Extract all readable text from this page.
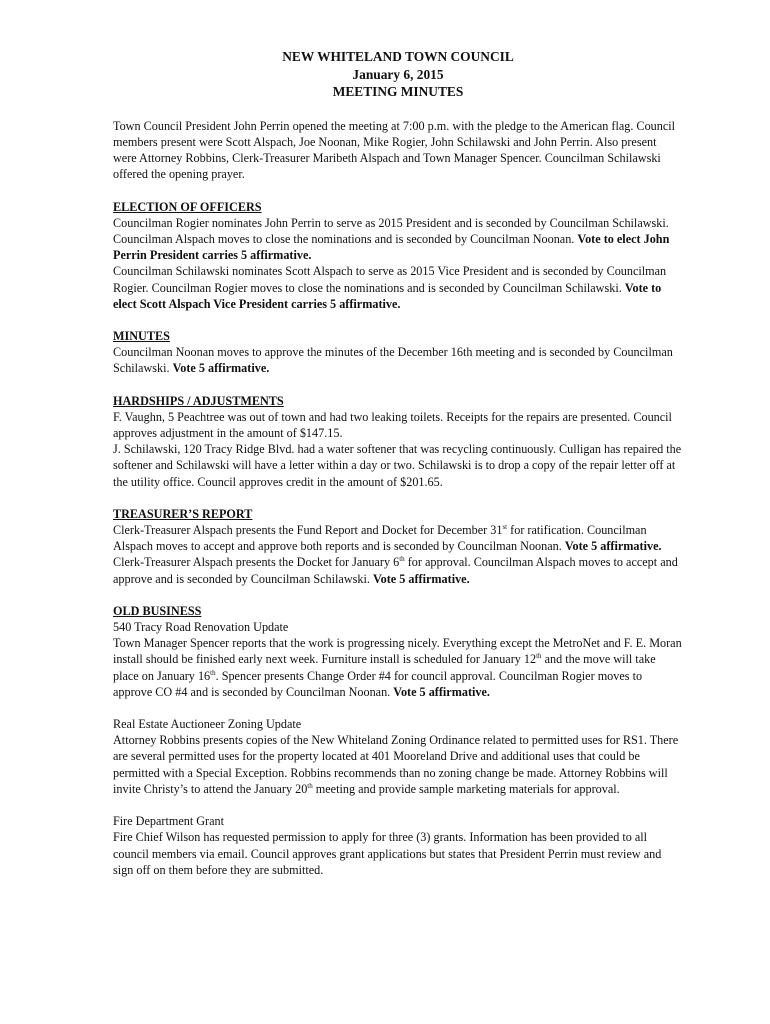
NEW WHITELAND TOWN COUNCIL
January 6, 2015
MEETING MINUTES

Town Council President John Perrin opened the meeting at 7:00 p.m. with the pledge to the American flag. Council members present were Scott Alspach, Joe Noonan, Mike Rogier, John Schilawski and John Perrin. Also present were Attorney Robbins, Clerk-Treasurer Maribeth Alspach and Town Manager Spencer. Councilman Schilawski offered the opening prayer.

ELECTION OF OFFICERS

Councilman Rogier nominates John Perrin to serve as 2015 President and is seconded by Councilman Schilawski. Councilman Alspach moves to close the nominations and is seconded by Councilman Noonan. Vote to elect John Perrin President carries 5 affirmative.

Councilman Schilawski nominates Scott Alspach to serve as 2015 Vice President and is seconded by Councilman Rogier. Councilman Rogier moves to close the nominations and is seconded by Councilman Schilawski. Vote to elect Scott Alspach Vice President carries 5 affirmative.

MINUTES

Councilman Noonan moves to approve the minutes of the December 16th meeting and is seconded by Councilman Schilawski. Vote 5 affirmative.

HARDSHIPS / ADJUSTMENTS

F. Vaughn, 5 Peachtree was out of town and had two leaking toilets. Receipts for the repairs are presented. Council approves adjustment in the amount of $147.15.

J. Schilawski, 120 Tracy Ridge Blvd. had a water softener that was recycling continuously. Culligan has repaired the softener and Schilawski will have a letter within a day or two. Schilawski is to drop a copy of the repair letter off at the utility office. Council approves credit in the amount of $201.65.

TREASURER’S REPORT

Clerk-Treasurer Alspach presents the Fund Report and Docket for December 31st for ratification. Councilman Alspach moves to accept and approve both reports and is seconded by Councilman Noonan. Vote 5 affirmative.

Clerk-Treasurer Alspach presents the Docket for January 6th for approval. Councilman Alspach moves to accept and approve and is seconded by Councilman Schilawski. Vote 5 affirmative.

OLD BUSINESS
540 Tracy Road Renovation Update

Town Manager Spencer reports that the work is progressing nicely. Everything except the MetroNet and F. E. Moran install should be finished early next week. Furniture install is scheduled for January 12th and the move will take place on January 16th. Spencer presents Change Order #4 for council approval. Councilman Rogier moves to approve CO #4 and is seconded by Councilman Noonan. Vote 5 affirmative.

Real Estate Auctioneer Zoning Update

Attorney Robbins presents copies of the New Whiteland Zoning Ordinance related to permitted uses for RS1. There are several permitted uses for the property located at 401 Mooreland Drive and additional uses that could be permitted with a Special Exception. Robbins recommends than no zoning change be made. Attorney Robbins will invite Christy’s to attend the January 20th meeting and provide sample marketing materials for approval.

Fire Department Grant

Fire Chief Wilson has requested permission to apply for three (3) grants. Information has been provided to all council members via email. Council approves grant applications but states that President Perrin must review and sign off on them before they are submitted.
